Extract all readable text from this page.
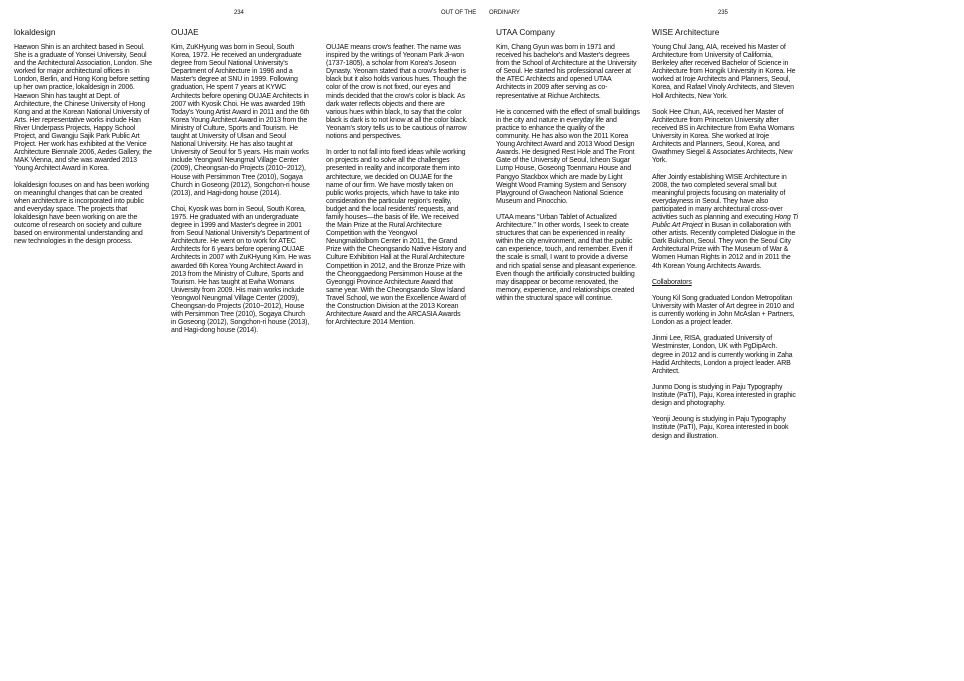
234	OUT OF THE ORDINARY	235
lokaldesign

Haewon Shin is an architect based in Seoul. She is a graduate of Yonsei University, Seoul and the Architectural Association, London. She worked for major architectural offices in London, Berlin, and Hong Kong before setting up her own practice, lokaldesign in 2006. Haewon Shin has taught at Dept. of Architecture, the Chinese University of Hong Kong and at the Korean National University of Arts. Her representative works include Han River Underpass Projects, Happy School Project, and Gwangju Sajik Park Public Art Project. Her work has exhibited at the Venice Architecture Biennale 2006, Aedes Gallery, the MAK Vienna, and she was awarded 2013 Young Architect Award in Korea.

lokaldesign focuses on and has been working on meaningful changes that can be created when architecture is incorporated into public and everyday space. The projects that lokaldesign have been working on are the outcome of research on society and culture based on environmental understanding and new technologies in the design process.

OUJAE

Kim, ZuKHyung was born in Seoul, South Korea, 1972. He received an undergraduate degree from Seoul National University's Department of Architecture in 1996 and a Master's degree at SNU in 1999. Following graduation, He spent 7 years at KYWC Architects before opening OUJAE Architects in 2007 with Kyosik Choi. He was awarded 19th Today's Young Artist Award in 2011 and the 6th Korea Young Architect Award in 2013 from the Ministry of Culture, Sports and Tourism. He taught at University of Ulsan and Seoul National University. He has also taught at University of Seoul for 5 years. His main works include Yeongwol Neungmal Village Center (2009), Cheongsan-do Projects (2010~2012), House with Persimmon Tree (2010), Sogaya Church in Goseong (2012), Songchon-ri house (2013), and Hagi-dong house (2014).

Choi, Kyosik was born in Seoul, South Korea, 1975. He graduated with an undergraduate degree in 1999 and Master's degree in 2001 from Seoul National University's Department of Architecture. He went on to work for ATEC Architects for 6 years before opening OUJAE Architects in 2007 with ZuKHyung Kim. He was awarded 6th Korea Young Architect Award in 2013 from the Ministry of Culture, Sports and Tourism. He has taught at Ewha Womans University from 2009. His main works include Yeongwol Neungmal Village Center (2009), Cheongsan-do Projects (2010~2012), House with Persimmon Tree (2010), Sogaya Church in Goseong (2012), Songchon-ri house (2013), and Hagi-dong house (2014).

OUJAE means crow's feather. The name was inspired by the writings of Yeonam Park Ji-won (1737-1805), a scholar from Korea's Joseon Dynasty. Yeonam stated that a crow's feather is black but it also holds various hues. Though the color of the crow is not fixed, our eyes and minds decided that the crow's color is black. As dark water reflects objects and there are various hues within black, to say that the color black is dark is to not know at all the color black. Yeonam's story tells us to be cautious of narrow notions and perspectives.

In order to not fall into fixed ideas while working on projects and to solve all the challenges presented in reality and incorporate them into architecture, we decided on OUJAE for the name of our firm. We have mostly taken on public works projects, which have to take into consideration the particular region's reality, budget and the local residents' requests, and family houses—the basis of life. We received the Main Prize at the Rural Architecture Competition with the Yeongwol Neungmaldolbom Center in 2011, the Grand Prize with the Cheongsando Native History and Culture Exhibition Hall at the Rural Architecture Competition in 2012, and the Bronze Prize with the Cheonggaedong Persimmon House at the Gyeonggi Province Architecture Award that same year. With the Cheongsando Slow Island Travel School, we won the Excellence Award of the Construction Division at the 2013 Korean Architecture Award and the ARCASIA Awards for Architecture 2014 Mention.

UTAA Company

Kim, Chang Gyun was born in 1971 and received his bachelor's and Master's degrees from the School of Architecture at the University of Seoul. He started his professional career at the ATEC Architects and opened UTAA Architects in 2009 after serving as co-representative at Richue Architects.

He is concerned with the effect of small buildings in the city and nature in everyday life and practice to enhance the quality of the community. He has also won the 2011 Korea Young Architect Award and 2013 Wood Design Awards. He designed Rest Hole and The Front Gate of the University of Seoul, Icheon Sugar Lump House, Goseong Toenmaru House and Pangyo Stackbox which are made by Light Weight Wood Framing System and Sensory Playground of Gwacheon National Science Museum and Pinocchio.

UTAA means "Urban Tablet of Actualized Architecture." In other words, I seek to create structures that can be experienced in reality within the city environment, and that the public can experience, touch, and remember. Even if the scale is small, I want to provide a diverse and rich spatial sense and pleasant experience. Even though the artificially constructed building may disappear or become renovated, the memory, experience, and relationships created within the structural space will continue.

WISE Architecture

Young Chul Jang, AIA, received his Master of Architecture from University of California, Berkeley after received Bachelor of Science in Architecture from Hongik University in Korea. He worked at Iroje Architects and Planners, Seoul, Korea, and Rafael Vinoly Architects, and Steven Holl Architects, New York.

Sook Hee Chun, AIA, received her Master of Architecture from Princeton University after received BS in Architecture from Ewha Womans University in Korea. She worked at Iroje Architects and Planners, Seoul, Korea, and Gwathmey Siegel & Associates Architects, New York.

After Jointly establishing WISE Architecture in 2008, the two completed several small but meaningful projects focusing on materiality of everydayness in Seoul. They have also participated in many architectural cross-over activities such as planning and executing Hong Ti Public Art Project in Busan in collaboration with other artists. Recently completed Dialogue in the Dark Bukchon, Seoul. They won the Seoul City Architectural Prize with The Museum of War & Women Human Rights in 2012 and in 2011 the 4th Korean Young Architects Awards.

Collaborators

Young Kil Song graduated London Metropolitan University with Master of Art degree in 2010 and is currently working in John McAslan + Partners, London as a project leader.

Jinmi Lee, RISA, graduated University of Westminster, London, UK with PgDipArch. degree in 2012 and is currently working in Zaha Hadid Architects, London a project leader. ARB Architect.

Junmo Dong is studying in Paju Typography Institute (PaTI), Paju, Korea interested in graphic design and photography.

Yeonji Jeoung is studying in Paju Typography Institute (PaTI), Paju, Korea interested in book design and illustration.
